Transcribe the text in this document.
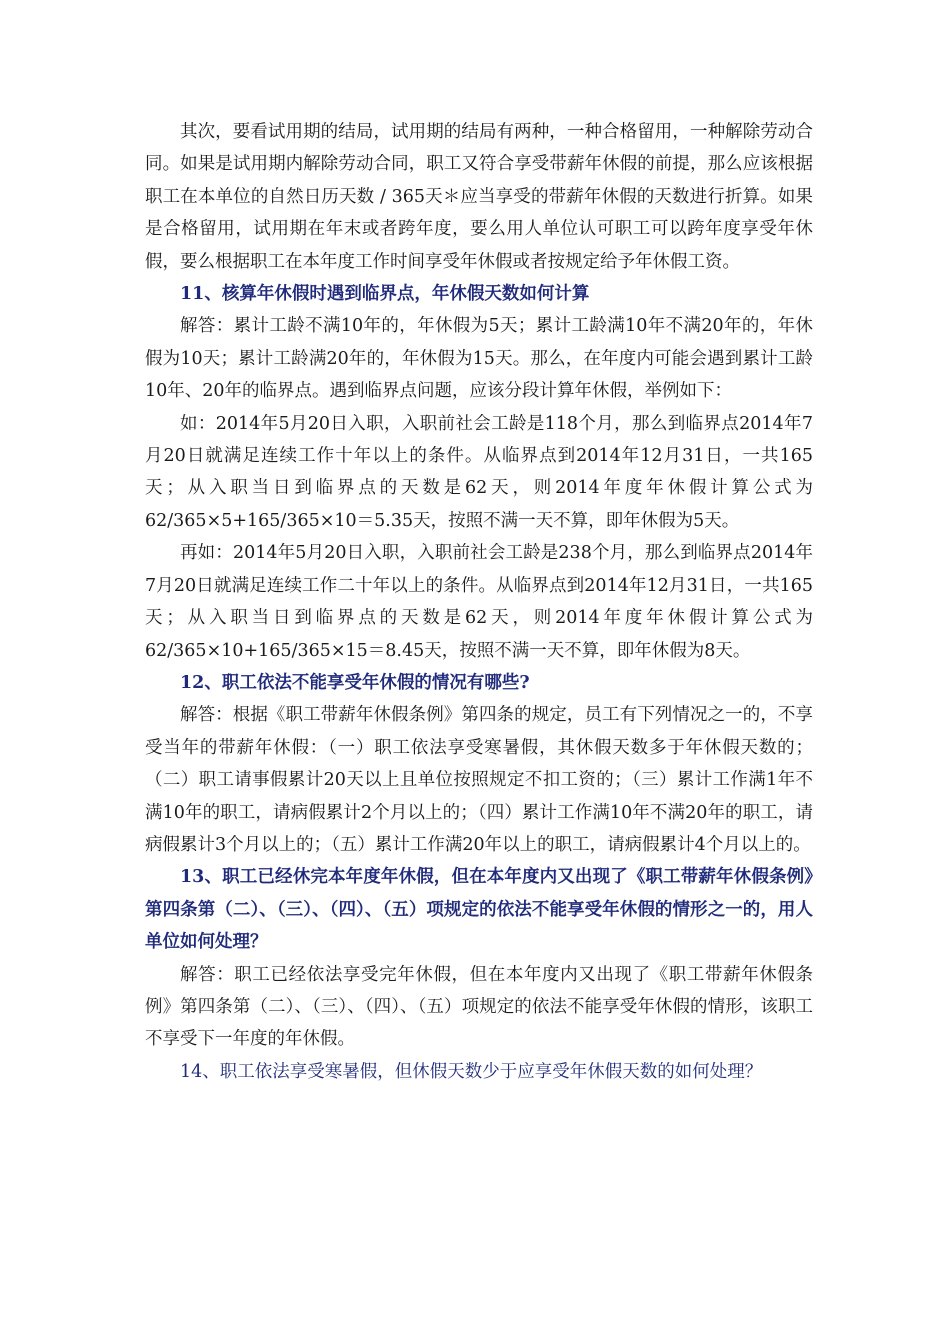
其次，要看试用期的结局，试用期的结局有两种，一种合格留用，一种解除劳动合同。如果是试用期内解除劳动合同，职工又符合享受带薪年休假的前提，那么应该根据职工在本单位的自然日历天数 / 365天＊应当享受的带薪年休假的天数进行折算。如果是合格留用，试用期在年末或者跨年度，要么用人单位认可职工可以跨年度享受年休假，要么根据职工在本年度工作时间享受年休假或者按规定给予年休假工资。

11、核算年休假时遇到临界点，年休假天数如何计算

解答：累计工龄不满10年的，年休假为5天；累计工龄满10年不满20年的，年休假为10天；累计工龄满20年的，年休假为15天。那么，在年度内可能会遇到累计工龄10年、20年的临界点。遇到临界点问题，应该分段计算年休假，举例如下：

如：2014年5月20日入职，入职前社会工龄是118个月，那么到临界点2014年7月20日就满足连续工作十年以上的条件。从临界点到2014年12月31日，一共165天；从入职当日到临界点的天数是62天，则2014年度年休假计算公式为62/365×5+165/365×10＝5.35天，按照不满一天不算，即年休假为5天。

再如：2014年5月20日入职，入职前社会工龄是238个月，那么到临界点2014年7月20日就满足连续工作二十年以上的条件。从临界点到2014年12月31日，一共165天；从入职当日到临界点的天数是62天，则2014年度年休假计算公式为62/365×10+165/365×15＝8.45天，按照不满一天不算，即年休假为8天。

12、职工依法不能享受年休假的情况有哪些?

解答：根据《职工带薪年休假条例》第四条的规定，员工有下列情况之一的，不享受当年的带薪年休假：（一）职工依法享受寒暑假，其休假天数多于年休假天数的；（二）职工请事假累计20天以上且单位按照规定不扣工资的；（三）累计工作满1年不满10年的职工，请病假累计2个月以上的；（四）累计工作满10年不满20年的职工，请病假累计3个月以上的；（五）累计工作满20年以上的职工，请病假累计4个月以上的。

13、职工已经休完本年度年休假，但在本年度内又出现了《职工带薪年休假条例》第四条第（二）、（三）、（四）、（五）项规定的依法不能享受年休假的情形之一的，用人单位如何处理？

解答：职工已经依法享受完年休假，但在本年度内又出现了《职工带薪年休假条例》第四条第（二）、（三）、（四）、（五）项规定的依法不能享受年休假的情形，该职工不享受下一年度的年休假。

14、职工依法享受寒暑假，但休假天数少于应享受年休假天数的如何处理？
